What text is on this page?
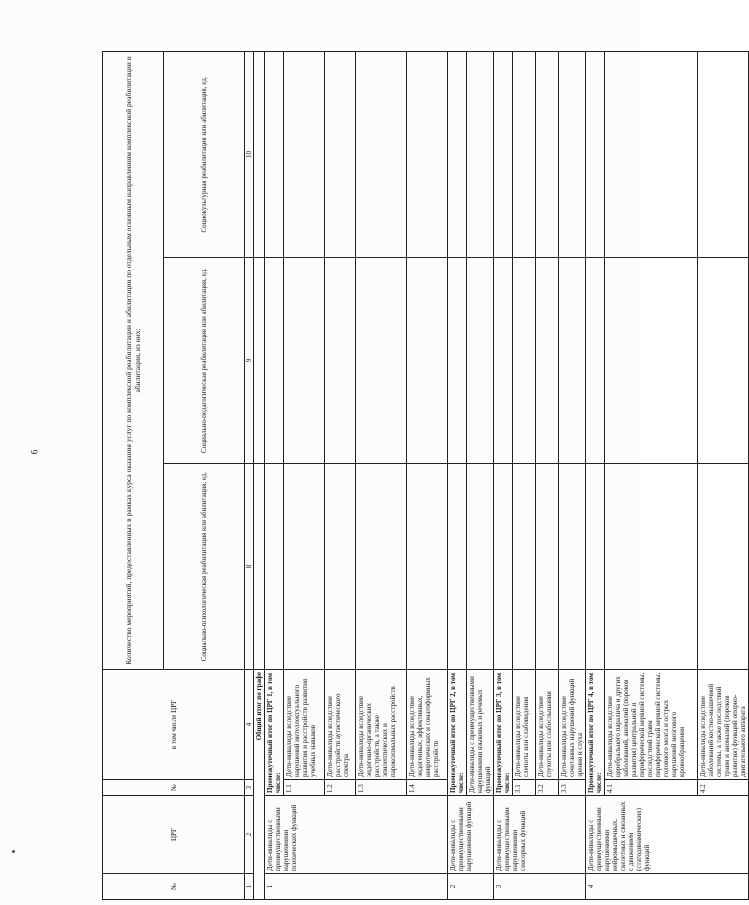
6
№	ЦРГ	№	в том числе ЦРГ	Количество мероприятий, предоставленных в рамках курса оказания услуг по комплексной реабилитации и абилитации по отдельным основным направлениям комплексной реабилитации и абилитации, из них:		
				Социально-психологическая реабилитация или абилитация, ед.	Социально-педагогическая реабилитация или абилитация, ед.	Социокультурная реабилитация или абилитация, ед.
1	2	3	4	8	9	10
Общий итог по графе						
1	Дети-инвалиды с преимущественными нарушениями психических функций	Промежуточный итог по ЦРГ 1, в том числе:				
		1.1	Дети-инвалиды вследствие нарушений интеллектуального развития и расстройств развития учебных навыков			
		1.2	Дети-инвалиды вследствие расстройств аутистического спектра			
		1.3	Дети-инвалиды вследствие эндогенно-органических расстройств, а также эпилептических и пароксизмальных расстройств			
		1.4	Дети-инвалиды вследствие эндогенных, аффективных, невротических и соматоформных расстройств			
2	Дети-инвалиды с преимущественными нарушениями функций	Промежуточный итог по ЦРГ 2, в том числе:				
		Дети-инвалиды с преимущественными нарушениями языковых и речевых функций				
3	Дети-инвалиды с преимущественными нарушениями сенсорных функций	Промежуточный итог по ЦРГ 3, в том числе:				
		3.1	Дети-инвалиды вследствие слепоты или слабовидения			
		3.2	Дети-инвалиды вследствие глухоты или слабослышания			
		3.3	Дети-инвалиды вследствие сочетанных нарушений функций зрения и слуха			
4	Дети-инвалиды с преимущественными нарушениями нейромышечных, скелетных и связанных с движением (статодинамических) функций	Промежуточный итог по ЦРГ 4, в том числе:				
		4.1	Дети-инвалиды вследствие церебрального паралича и других заболеваний, аномалий (пороков развития) центральной и периферической нервной системы, последствий травм периферической нервной системы, головного мозга и острых нарушений мозгового кровообращения			
		4.2	Дети-инвалиды вследствие заболеваний костно-мышечной системы, а также последствий травм и аномалий (пороков развития) функций опорно-двигательного аппарата			
